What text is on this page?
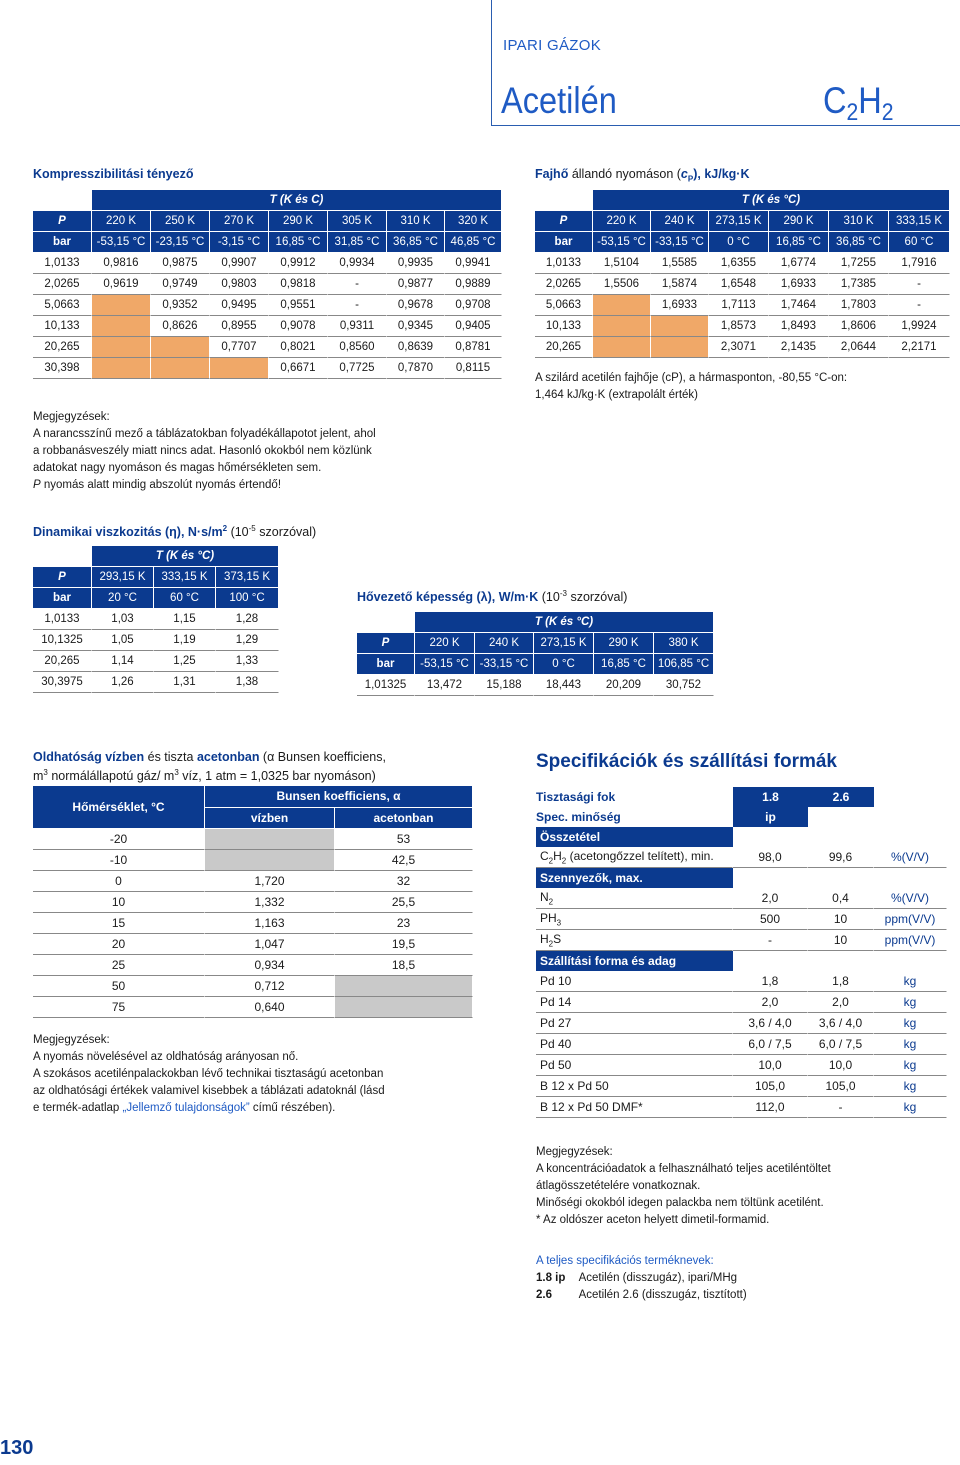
IPARI GÁZOK
Acetilén	$C_2H_2$
Kompresszibilitási tényező
	T (K és C)						
P	220 K	250 K	270 K	290 K	305 K	310 K	320 K
bar	-53,15 °C	-23,15 °C	-3,15 °C	16,85 °C	31,85 °C	36,85 °C	46,85 °C
1,0133	0,9816	0,9875	0,9907	0,9912	0,9934	0,9935	0,9941
2,0265	0,9619	0,9749	0,9803	0,9818	-	0,9877	0,9889
5,0663		0,9352	0,9495	0,9551	-	0,9678	0,9708
10,133		0,8626	0,8955	0,9078	0,9311	0,9345	0,9405
20,265			0,7707	0,8021	0,8560	0,8639	0,8781
30,398				0,6671	0,7725	0,7870	0,8115
Megjegyzések:
A narancsszínű mező a táblázatokban folyadékállapotot jelent, ahol
a robbanásveszély miatt nincs adat. Hasonló okokból nem közlünk
adatokat nagy nyomáson és magas hőmérsékleten sem.
P nyomás alatt mindig abszolút nyomás értendő!
Fajhő állandó nyomáson $(c_P)$, kJ/kg·K
	T (K és °C)					
P	220 K	240 K	273,15 K	290 K	310 K	333,15 K
bar	-53,15 °C	-33,15 °C	0 °C	16,85 °C	36,85 °C	60 °C
1,0133	1,5104	1,5585	1,6355	1,6774	1,7255	1,7916
2,0265	1,5506	1,5874	1,6548	1,6933	1,7385	-
5,0663		1,6933	1,7113	1,7464	1,7803	-
10,133			1,8573	1,8493	1,8606	1,9924
20,265			2,3071	2,1435	2,0644	2,2171
A szilárd acetilén fajhője (cP), a hármasponton, -80,55 °C-on:
1,464 kJ/kg·K (extrapolált érték)
Dinamikai viszkozitás (η), $N\cdot s/m^2$ ($10^{-5}$ szorzóval)
	T (K és °C)		
P	293,15 K	333,15 K	373,15 K
bar	20 °C	60 °C	100 °C
1,0133	1,03	1,15	1,28
10,1325	1,05	1,19	1,29
20,265	1,14	1,25	1,33
30,3975	1,26	1,31	1,38
Hővezető képesség (λ), W/m·K ($10^{-3}$ szorzóval)
	T (K és °C)				
P	220 K	240 K	273,15 K	290 K	380 K
bar	-53,15 °C	-33,15 °C	0 °C	16,85 °C	106,85 °C
1,01325	13,472	15,188	18,443	20,209	30,752
Oldhatóság vízben és tiszta acetonban (α Bunsen koefficiens,
$m^3$ normálállapotú gáz/ $m^3$ víz, 1 atm = 1,0325 bar nyomáson)
Hőmérséklet, °C	Bunsen koefficiens, α	
	vízben	acetonban
-20		53
-10		42,5
0	1,720	32
10	1,332	25,5
15	1,163	23
20	1,047	19,5
25	0,934	18,5
50	0,712	
75	0,640	
Megjegyzések:
A nyomás növelésével az oldhatóság arányosan nő.
A szokásos acetilénpalackokban lévő technikai tisztaságú acetonban
az oldhatósági értékek valamivel kisebbek a táblázati adatoknál (lásd
e termék-adatlap „Jellemző tulajdonságok” című részében).
Specifikációk és szállítási formák
Tisztasági fok	1.8	2.6	
Spec. minőség	ip		
Összetétel			
$C_2H_2$ (acetongőzzel telített), min.	98,0	99,6	%(V/V)
Szennyezők, max.			
$N_2$	2,0	0,4	%(V/V)
$PH_3$	500	10	ppm(V/V)
$H_2S$	-	10	ppm(V/V)
Szállítási forma és adag			
Pd 10	1,8	1,8	kg
Pd 14	2,0	2,0	kg
Pd 27	3,6 / 4,0	3,6 / 4,0	kg
Pd 40	6,0 / 7,5	6,0 / 7,5	kg
Pd 50	10,0	10,0	kg
B 12 x Pd 50	105,0	105,0	kg
B 12 x Pd 50 DMF*	112,0	-	kg
Megjegyzések:
A koncentrációadatok a felhasználható teljes acetiléntöltet
átlagösszetételére vonatkoznak.
Minőségi okokból idegen palackba nem töltünk acetilént.
* Az oldószer aceton helyett dimetil-formamid.
A teljes specifikációs terméknevek:
1.8 ip Acetilén (disszugáz), ipari/MHg
2.6 Acetilén 2.6 (disszugáz, tisztított)
130
